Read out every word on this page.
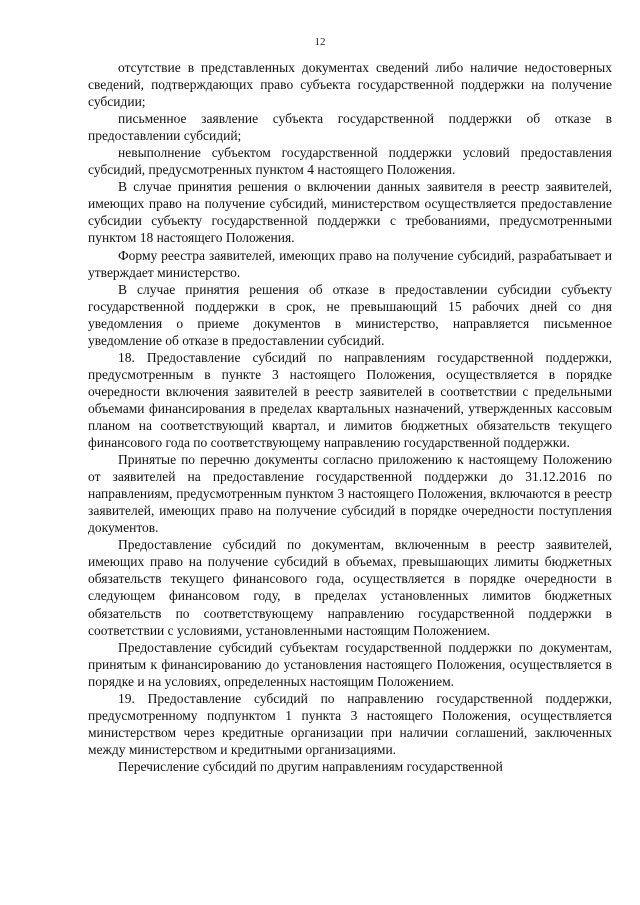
12

отсутствие в представленных документах сведений либо наличие недостоверных сведений, подтверждающих право субъекта государственной поддержки на получение субсидии;

письменное заявление субъекта государственной поддержки об отказе в предоставлении субсидий;

невыполнение субъектом государственной поддержки условий предоставления субсидий, предусмотренных пунктом 4 настоящего Положения.

В случае принятия решения о включении данных заявителя в реестр заявителей, имеющих право на получение субсидий, министерством осуществляется предоставление субсидии субъекту государственной поддержки с требованиями, предусмотренными пунктом 18 настоящего Положения.

Форму реестра заявителей, имеющих право на получение субсидий, разрабатывает и утверждает министерство.

В случае принятия решения об отказе в предоставлении субсидии субъекту государственной поддержки в срок, не превышающий 15 рабочих дней со дня уведомления о приеме документов в министерство, направляется письменное уведомление об отказе в предоставлении субсидий.

18. Предоставление субсидий по направлениям государственной поддержки, предусмотренным в пункте 3 настоящего Положения, осуществляется в порядке очередности включения заявителей в реестр заявителей в соответствии с предельными объемами финансирования в пределах квартальных назначений, утвержденных кассовым планом на соответствующий квартал, и лимитов бюджетных обязательств текущего финансового года по соответствующему направлению государственной поддержки.

Принятые по перечню документы согласно приложению к настоящему Положению от заявителей на предоставление государственной поддержки до 31.12.2016 по направлениям, предусмотренным пунктом 3 настоящего Положения, включаются в реестр заявителей, имеющих право на получение субсидий в порядке очередности поступления документов.

Предоставление субсидий по документам, включенным в реестр заявителей, имеющих право на получение субсидий в объемах, превышающих лимиты бюджетных обязательств текущего финансового года, осуществляется в порядке очередности в следующем финансовом году, в пределах установленных лимитов бюджетных обязательств по соответствующему направлению государственной поддержки в соответствии с условиями, установленными настоящим Положением.

Предоставление субсидий субъектам государственной поддержки по документам, принятым к финансированию до установления настоящего Положения, осуществляется в порядке и на условиях, определенных настоящим Положением.

19. Предоставление субсидий по направлению государственной поддержки, предусмотренному подпунктом 1 пункта 3 настоящего Положения, осуществляется министерством через кредитные организации при наличии соглашений, заключенных между министерством и кредитными организациями.

Перечисление субсидий по другим направлениям государственной
